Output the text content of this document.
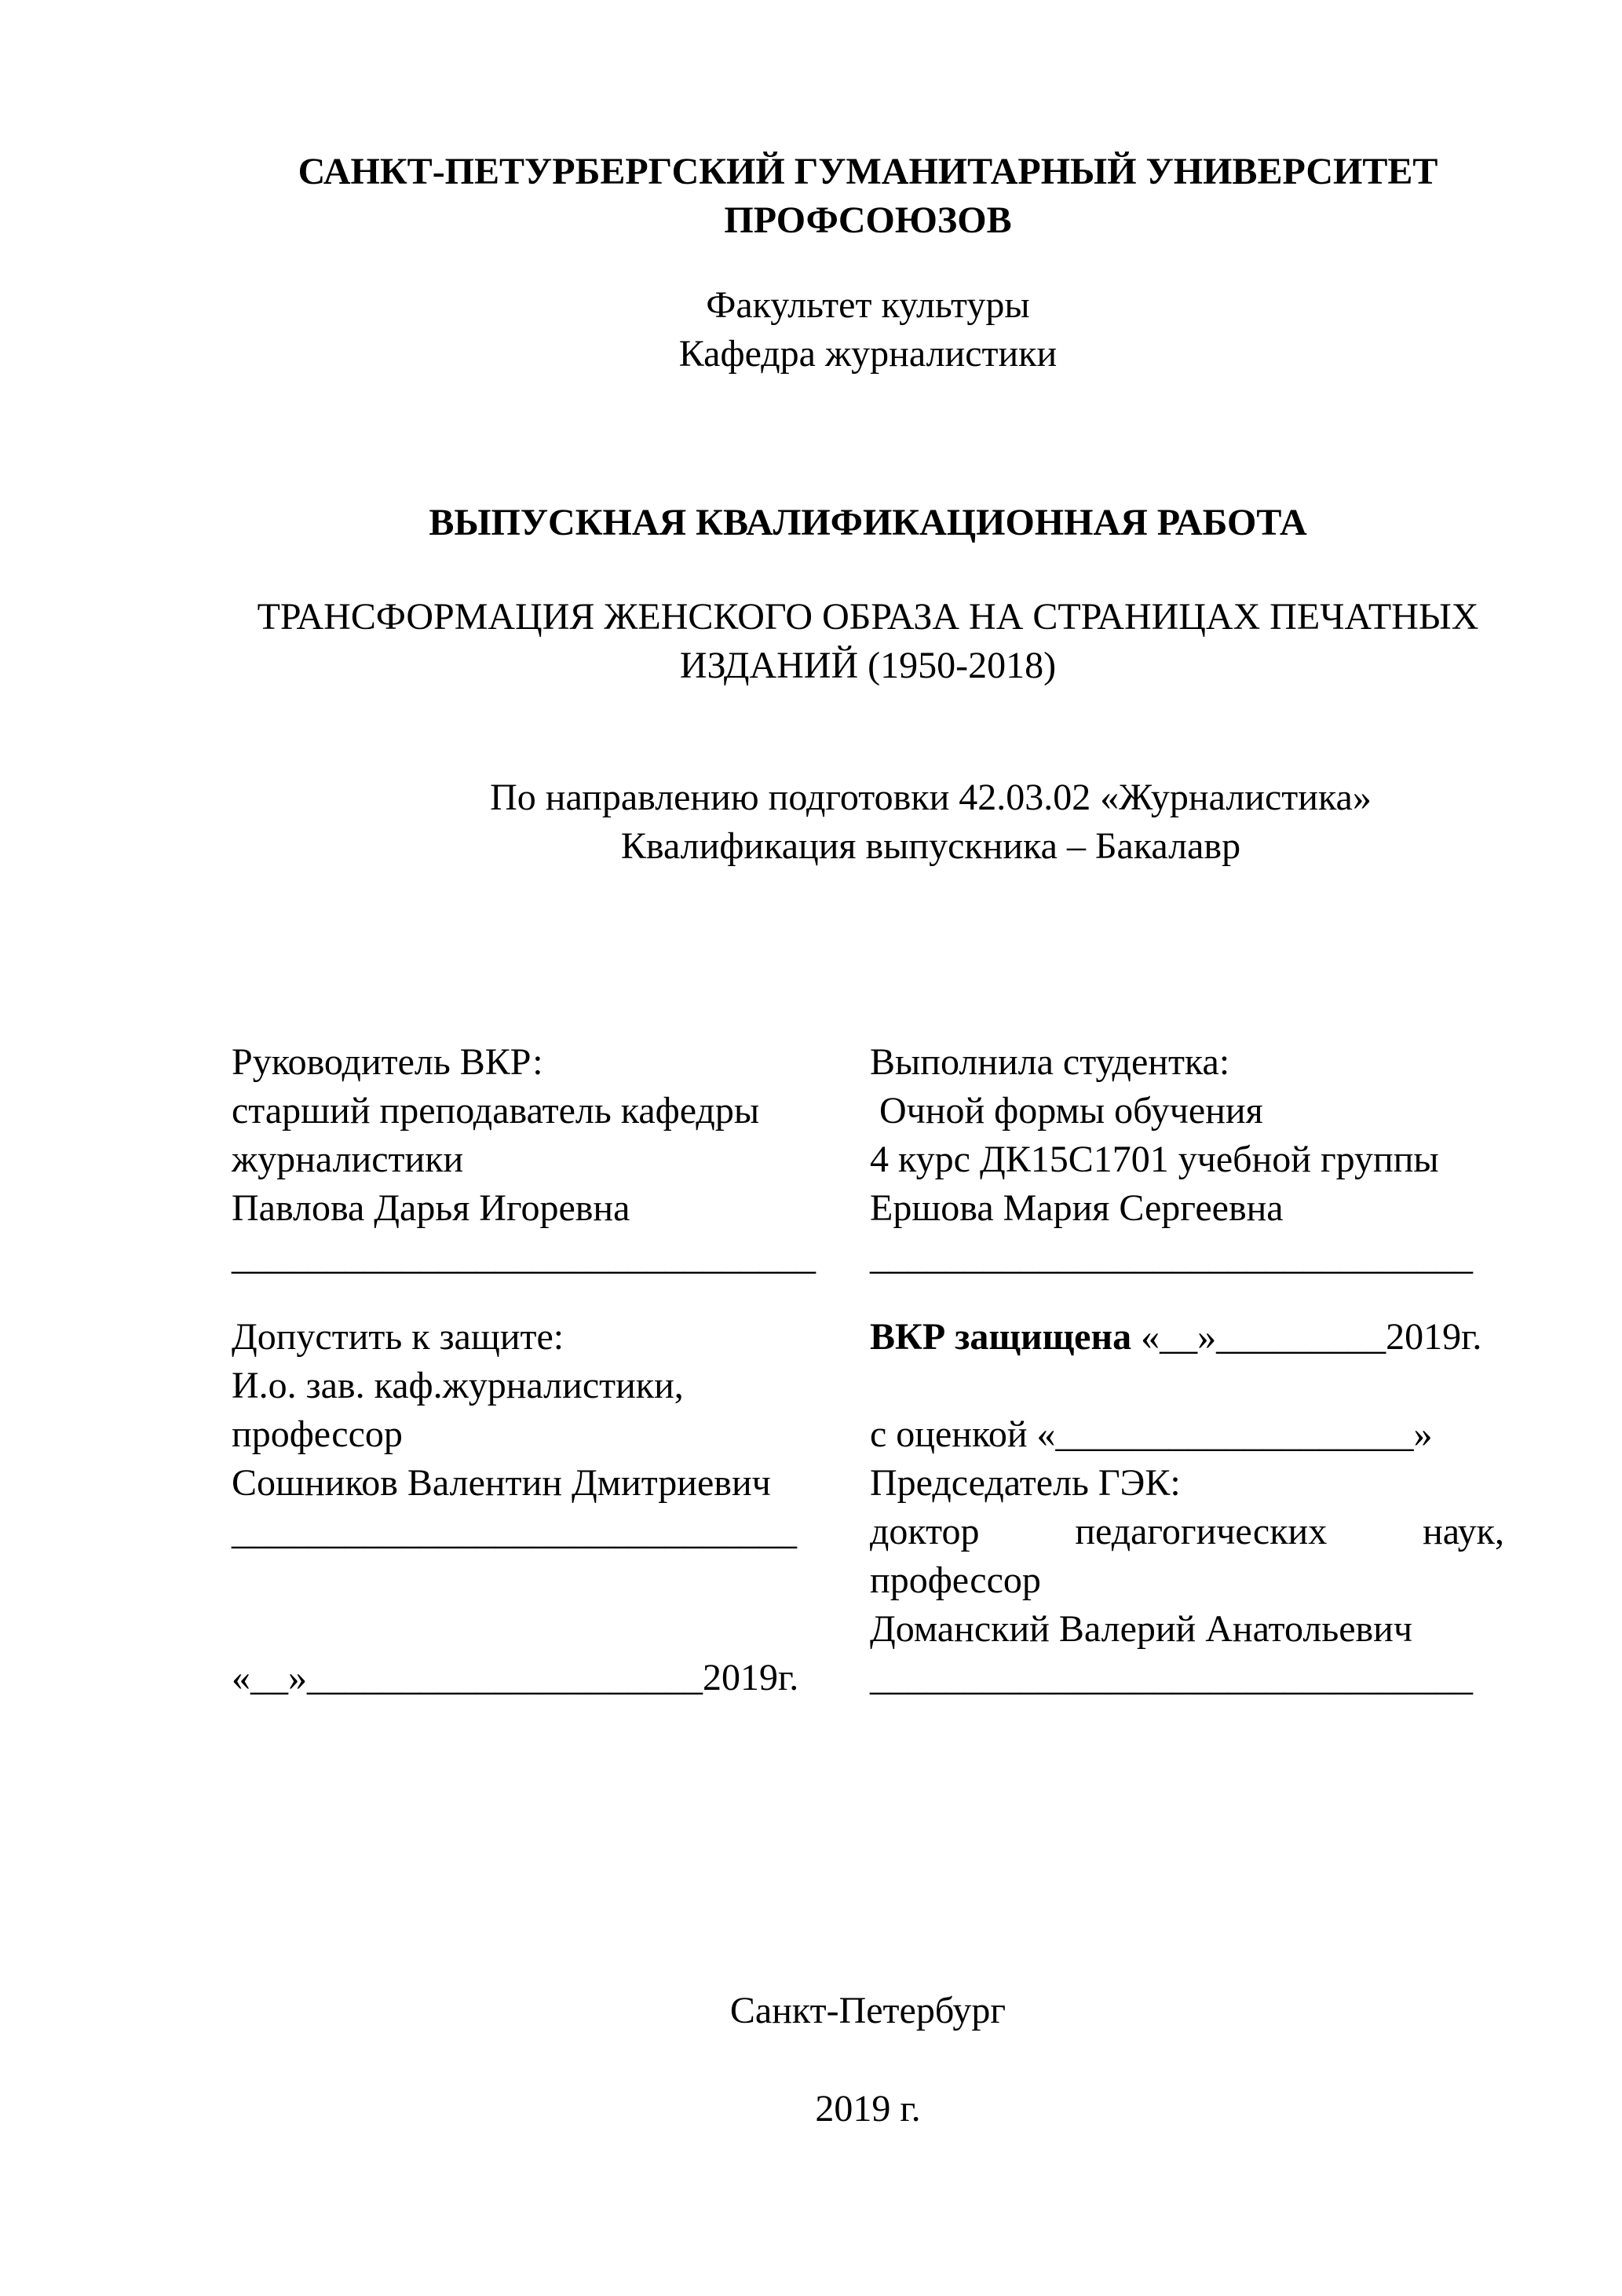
САНКТ-ПЕТУРБЕРГСКИЙ ГУМАНИТАРНЫЙ УНИВЕРСИТЕТ
ПРОФСОЮЗОВ
Факультет культуры
Кафедра журналистики
ВЫПУСКНАЯ КВАЛИФИКАЦИОННАЯ РАБОТА
ТРАНСФОРМАЦИЯ ЖЕНСКОГО ОБРАЗА НА СТРАНИЦАХ ПЕЧАТНЫХ
ИЗДАНИЙ (1950-2018)
По направлению подготовки 42.03.02 «Журналистика»
Квалификация выпускника – Бакалавр
Руководитель ВКР:
старший преподаватель кафедры
журналистики
Павлова Дарья Игоревна
_______________________________
Выполнила студентка:
Очной формы обучения
4 курс ДК15С1701 учебной группы
Ершова Мария Сергеевна
________________________________
Допустить к защите:
И.о. зав. каф.журналистики,
профессор
Сошников Валентин Дмитриевич
______________________________
«__»_____________________2019г.
ВКР защищена «__»_________2019г.
с оценкой «___________________»
Председатель ГЭК:
доктор	педагогических	наук,
профессор
Доманский Валерий Анатольевич
________________________________
Санкт-Петербург
2019 г.
